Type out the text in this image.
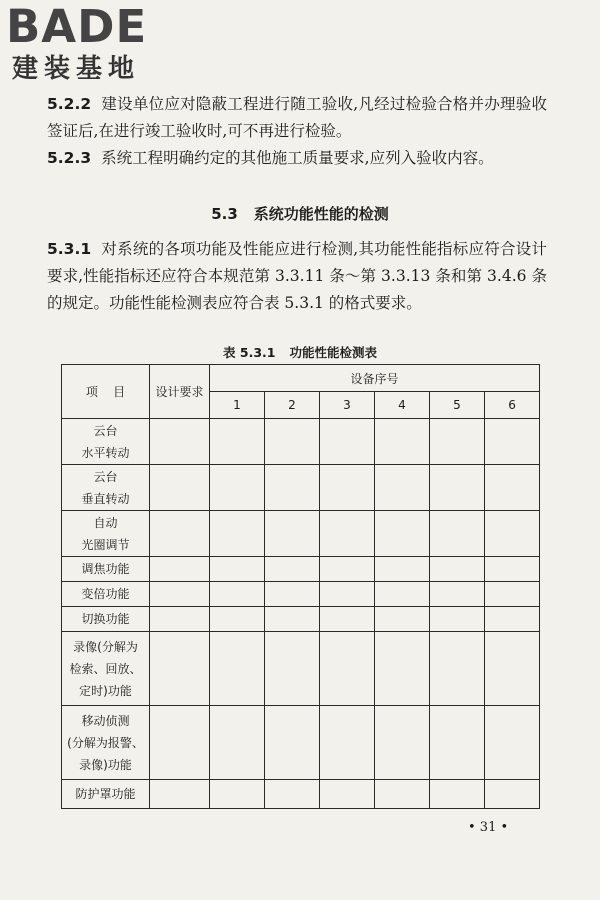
BADE
建装基地
5.2.2 建设单位应对隐蔽工程进行随工验收,凡经过检验合格并办理验收签证后,在进行竣工验收时,可不再进行检验。
5.2.3 系统工程明确约定的其他施工质量要求,应列入验收内容。
5.3 系统功能性能的检测
5.3.1 对系统的各项功能及性能应进行检测,其功能性能指标应符合设计要求,性能指标还应符合本规范第 3.3.11 条～第 3.3.13 条和第 3.4.6 条的规定。功能性能检测表应符合表 5.3.1 的格式要求。
表 5.3.1 功能性能检测表
项    目	设计要求	设备序号					
		1	2	3	4	5	6

云台
水平转动							

云台
垂直转动							

自动
光圈调节							

调焦功能							

变倍功能							

切换功能							

录像(分解为
检索、回放、
定时)功能							

移动侦测
(分解为报警、
录像)功能							

防护罩功能							

• 31 •
